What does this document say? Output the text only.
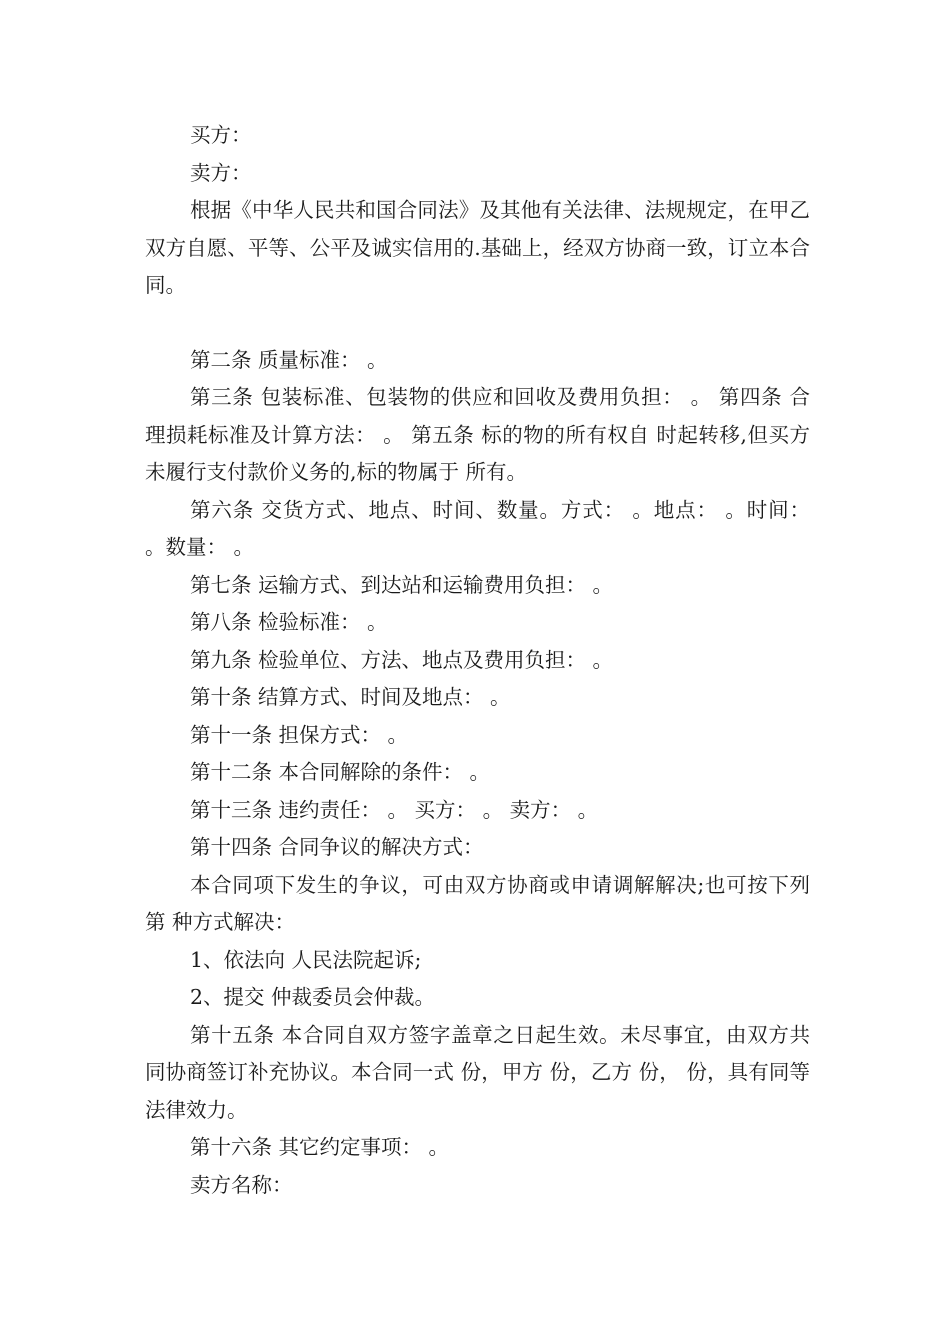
买方：

卖方：

根据《中华人民共和国合同法》及其他有关法律、法规规定，在甲乙双方自愿、平等、公平及诚实信用的.基础上，经双方协商一致，订立本合同。

第二条 质量标准： 。

第三条 包装标准、包装物的供应和回收及费用负担： 。 第四条 合理损耗标准及计算方法： 。 第五条 标的物的所有权自 时起转移,但买方未履行支付款价义务的,标的物属于 所有。

第六条 交货方式、地点、时间、数量。方式： 。地点： 。时间： 。数量： 。

第七条 运输方式、到达站和运输费用负担： 。

第八条 检验标准： 。

第九条 检验单位、方法、地点及费用负担： 。

第十条 结算方式、时间及地点： 。

第十一条 担保方式： 。

第十二条 本合同解除的条件： 。

第十三条 违约责任： 。 买方： 。 卖方： 。

第十四条 合同争议的解决方式：

本合同项下发生的争议，可由双方协商或申请调解解决;也可按下列第 种方式解决：

1、依法向 人民法院起诉;

2、提交 仲裁委员会仲裁。

第十五条 本合同自双方签字盖章之日起生效。未尽事宜，由双方共同协商签订补充协议。本合同一式 份，甲方 份，乙方 份， 份，具有同等法律效力。

第十六条 其它约定事项： 。

卖方名称：
